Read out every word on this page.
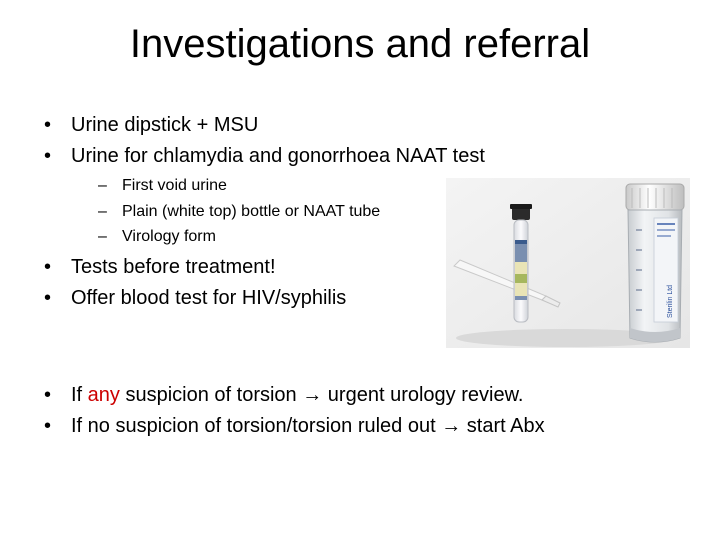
Investigations and referral
• Urine dipstick + MSU
• Urine for chlamydia and gonorrhoea NAAT test
– First void urine
– Plain (white top) bottle or NAAT tube
– Virology form
• Tests before treatment!
• Offer blood test for HIV/syphilis
• If any suspicion of torsion → urgent urology review.
• If no suspicion of torsion/torsion ruled out → start Abx
Sterilin Ltd
